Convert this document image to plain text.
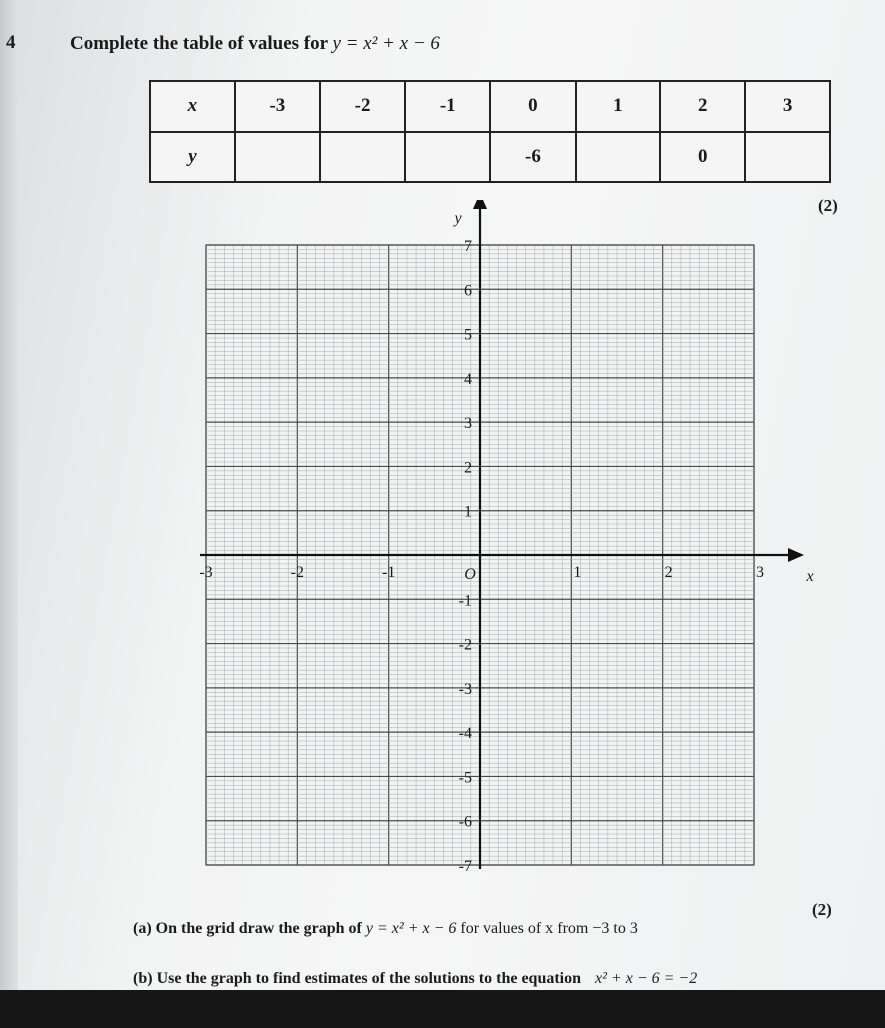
4	Complete the table of values for y = x² + x − 6
x	-3	-2	-1	0	1	2	3
y				-6		0	
(2)
-3	-2	-1	1	2	3
7
6
5
4
3
2
1
-1
-2
-3
-4
-5
-6
-7
O	x
y
(a) On the grid draw the graph of y = x² + x − 6 for values of x from −3 to 3
(2)
(b) Use the graph to find estimates of the solutions to the equation x² + x − 6 = −2
